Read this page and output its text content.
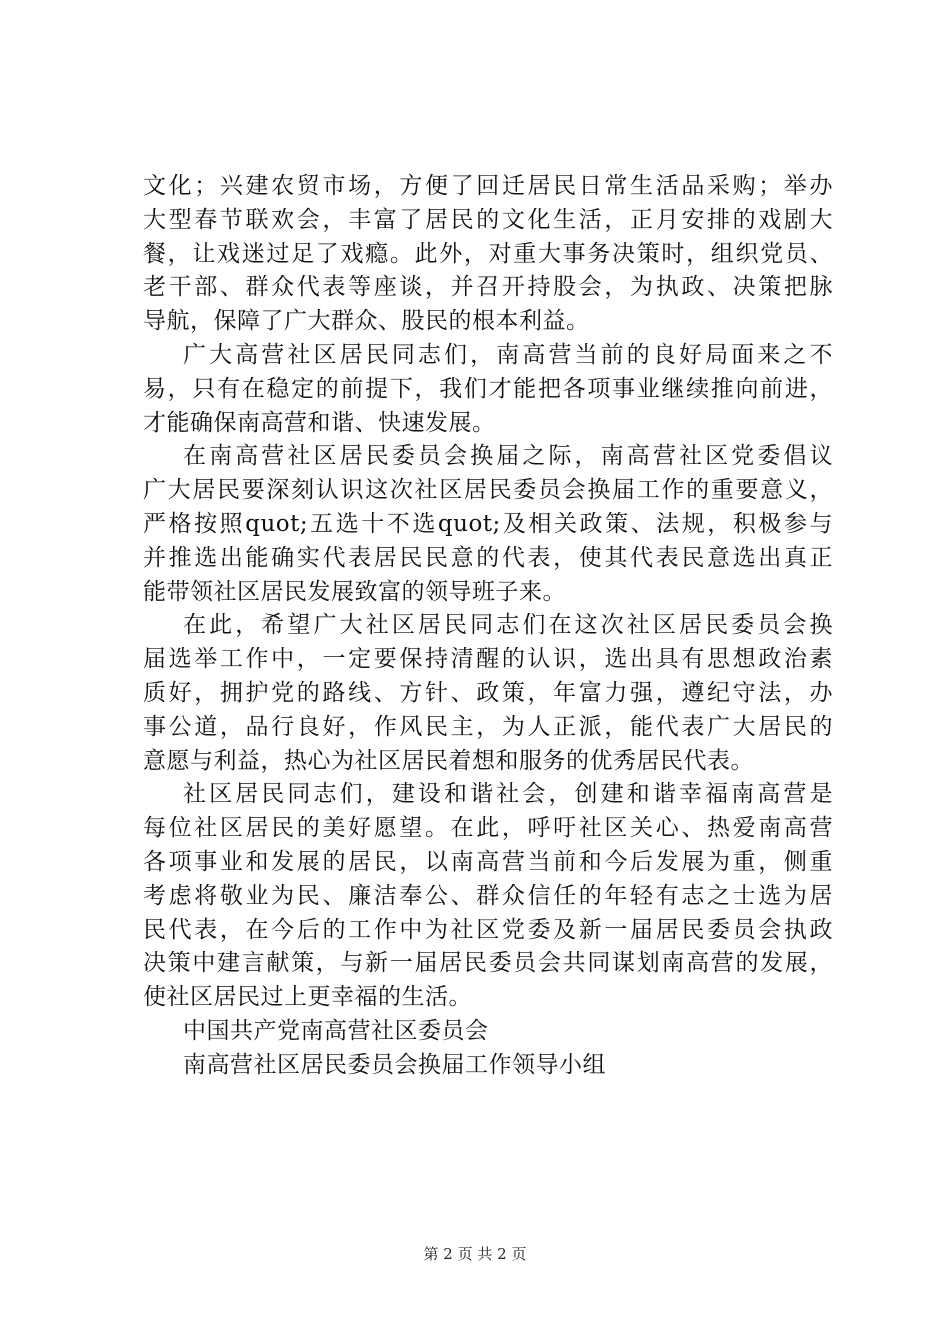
文化；兴建农贸市场，方便了回迁居民日常生活品采购；举办
大型春节联欢会，丰富了居民的文化生活，正月安排的戏剧大
餐，让戏迷过足了戏瘾。此外，对重大事务决策时，组织党员、
老干部、群众代表等座谈，并召开持股会，为执政、决策把脉
导航，保障了广大群众、股民的根本利益。
广大高营社区居民同志们，南高营当前的良好局面来之不
易，只有在稳定的前提下，我们才能把各项事业继续推向前进，
才能确保南高营和谐、快速发展。
在南高营社区居民委员会换届之际，南高营社区党委倡议
广大居民要深刻认识这次社区居民委员会换届工作的重要意义，
严格按照quot;五选十不选quot;及相关政策、法规，积极参与
并推选出能确实代表居民民意的代表，使其代表民意选出真正
能带领社区居民发展致富的领导班子来。
在此，希望广大社区居民同志们在这次社区居民委员会换
届选举工作中，一定要保持清醒的认识，选出具有思想政治素
质好，拥护党的路线、方针、政策，年富力强，遵纪守法，办
事公道，品行良好，作风民主，为人正派，能代表广大居民的
意愿与利益，热心为社区居民着想和服务的优秀居民代表。
社区居民同志们，建设和谐社会，创建和谐幸福南高营是
每位社区居民的美好愿望。在此，呼吁社区关心、热爱南高营
各项事业和发展的居民，以南高营当前和今后发展为重，侧重
考虑将敬业为民、廉洁奉公、群众信任的年轻有志之士选为居
民代表，在今后的工作中为社区党委及新一届居民委员会执政
决策中建言献策，与新一届居民委员会共同谋划南高营的发展，
使社区居民过上更幸福的生活。
中国共产党南高营社区委员会
南高营社区居民委员会换届工作领导小组
第 2 页 共 2 页
